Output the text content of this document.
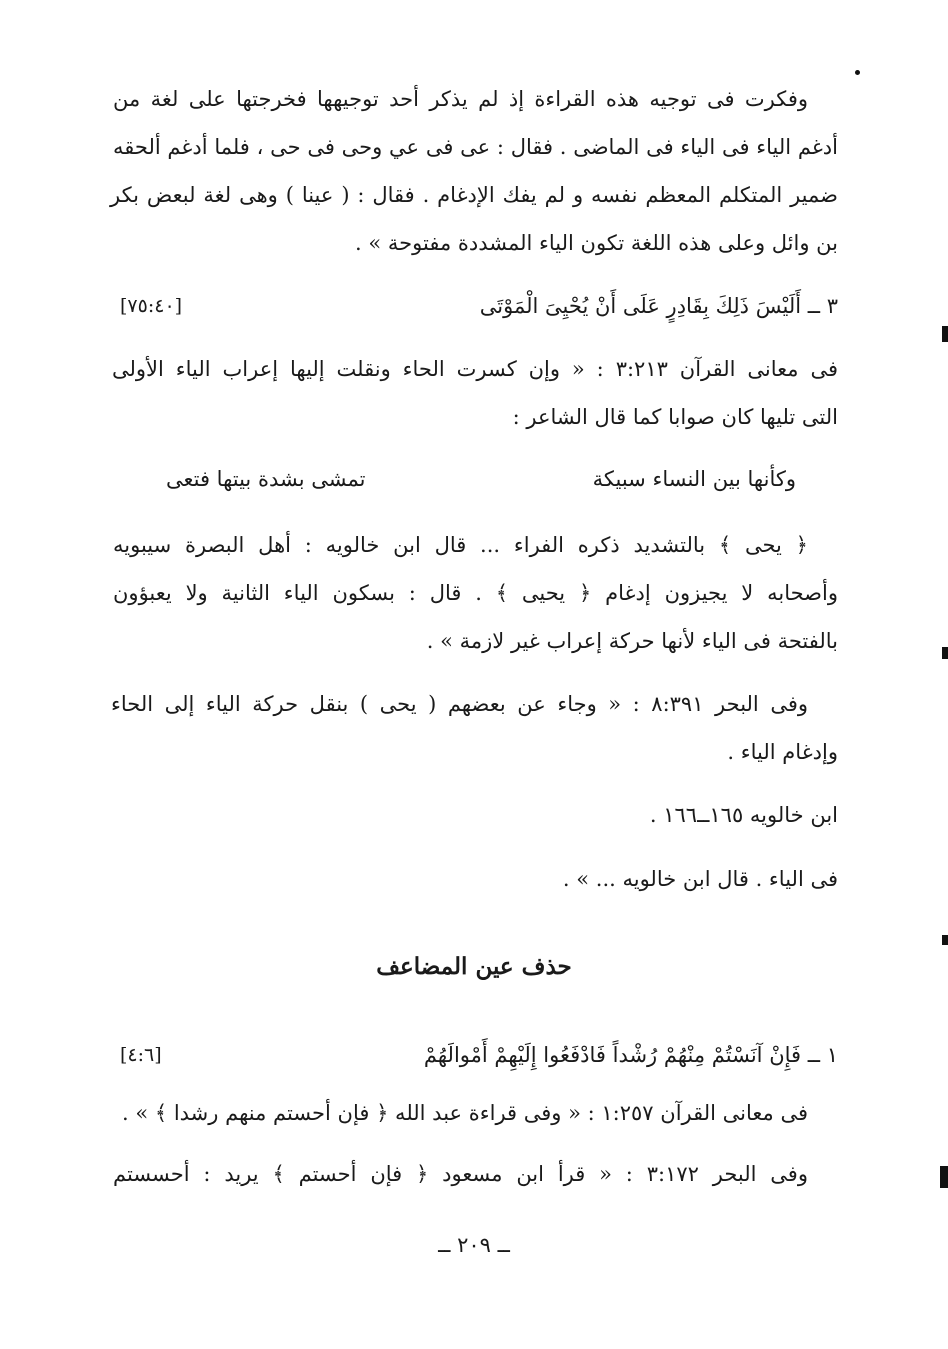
وفكرت فى توجيه هذه القراءة إذ لم يذكر أحد توجيهها فخرجتها على لغة من
أدغم الياء فى الياء فى الماضى . فقال : عى فى عي وحى فى حى ، فلما أدغم ألحقه
ضمير المتكلم المعظم نفسه و لم يفك الإدغام . فقال : ( عينا ) وهى لغة لبعض بكر
بن وائل وعلى هذه اللغة تكون الياء المشددة مفتوحة » .
٣ ــ أَلَيْسَ ذَلِكَ بِقَادِرٍ عَلَى أَنْ يُحْيِىَ الْمَوْتَى
[٧٥:٤٠]
فى معانى القرآن ٣:٢١٣ : « وإن كسرت الحاء ونقلت إليها إعراب الياء الأولى
التى تليها كان صوابا كما قال الشاعر :
وكأنها بين النساء سبيكة
تمشى بشدة بيتها فتعى
﴿ يحى ﴾ بالتشديد ذكره الفراء ... قال ابن خالويه : أهل البصرة سيبويه
وأصحابه لا يجيزون إدغام ﴿ يحيى ﴾ . قال : بسكون الياء الثانية ولا يعبؤون
بالفتحة فى الياء لأنها حركة إعراب غير لازمة » .
وفى البحر ٨:٣٩١ : « وجاء عن بعضهم ( يحى ) بنقل حركة الياء إلى الحاء
وإدغام الياء .
ابن خالويه ١٦٥ــ١٦٦ .
فى الياء . قال ابن خالويه ... » .
حذف عين المضاعف
١ ــ فَإِنْ آنَسْتُمْ مِنْهُمْ رُشْداً فَادْفَعُوا إِلَيْهِمْ أَمْوالَهُمْ
[٤:٦]
فى معانى القرآن ١:٢٥٧ : « وفى قراءة عبد الله ﴿ فإن أحستم منهم رشدا ﴾ » .
وفى البحر ٣:١٧٢ : « قرأ ابن مسعود ﴿ فإن أحستم ﴾ يريد : أحسستم
ــ ٢٠٩ ــ
